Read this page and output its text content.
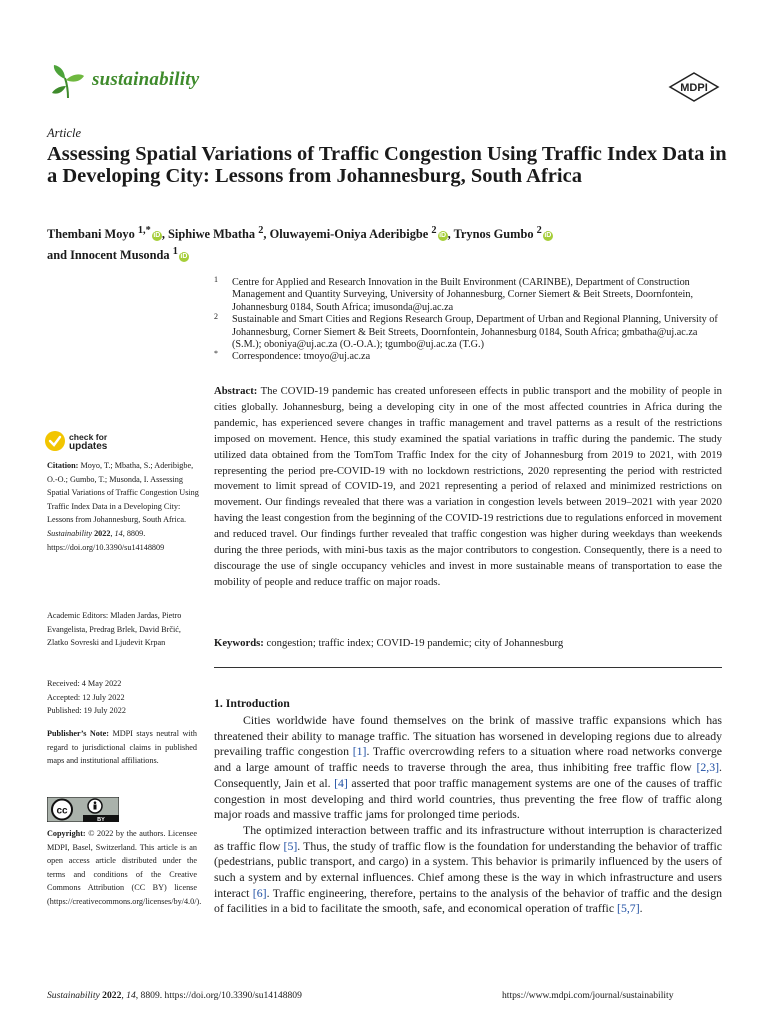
sustainability	MDPI
Article
Assessing Spatial Variations of Traffic Congestion Using Traffic Index Data in a Developing City: Lessons from Johannesburg, South Africa
Thembani Moyo $^{1,*}$ iD , Siphiwe Mbatha $^2$, Oluwayemi-Oniya Aderibigbe $^2$ iD , Trynos Gumbo $^2$ iD
and Innocent Musonda $^1$ iD
1 Centre for Applied and Research Innovation in the Built Environment (CARINBE), Department of Construction Management and Quantity Surveying, University of Johannesburg, Corner Siemert & Beit Streets, Doornfontein, Johannesburg 0184, South Africa; imusonda@uj.ac.za
2 Sustainable and Smart Cities and Regions Research Group, Department of Urban and Regional Planning, University of Johannesburg, Corner Siemert & Beit Streets, Doornfontein, Johannesburg 0184, South Africa; gmbatha@uj.ac.za (S.M.); oboniya@uj.ac.za (O.-O.A.); tgumbo@uj.ac.za (T.G.)
* Correspondence: tmoyo@uj.ac.za
Abstract: The COVID-19 pandemic has created unforeseen effects in public transport and the mobility of people in cities globally. Johannesburg, being a developing city in one of the most affected countries in Africa during the pandemic, has experienced severe changes in traffic management and travel patterns as a result of the restrictions imposed on movement. Hence, this study examined the spatial variations in traffic during the pandemic. The study utilized data obtained from the TomTom Traffic Index for the city of Johannesburg from 2019 to 2021, with 2019 representing the period pre-COVID-19 with no lockdown restrictions, 2020 representing the period with restricted movement to limit spread of COVID-19, and 2021 representing a period of relaxed and minimized restrictions on movement. Our findings revealed that there was a variation in congestion levels between 2019–2021 with year 2020 having the least congestion from the beginning of the COVID-19 restrictions due to regulations enforced in movement and reduced travel. Our findings further revealed that traffic congestion was higher during weekdays than weekends during the three periods, with mini-bus taxis as the major contributors to congestion. Consequently, there is a need to discourage the use of single occupancy vehicles and invest in more sustainable means of transportation to ease the mobility of people and reduce traffic on major roads.
Keywords: congestion; traffic index; COVID-19 pandemic; city of Johannesburg
1. Introduction

Cities worldwide have found themselves on the brink of massive traffic expansions which has threatened their ability to manage traffic. The situation has worsened in developing regions due to already prevailing traffic congestion [1]. Traffic overcrowding refers to a situation where road networks converge and a large amount of traffic needs to traverse through the area, thus inhibiting free traffic flow [2,3]. Consequently, Jain et al. [4] asserted that poor traffic management systems are one of the causes of traffic congestion in most developing and third world countries, thus preventing the free flow of traffic along major roads and massive traffic jams for prolonged time periods.

The optimized interaction between traffic and its infrastructure without interruption is characterized as traffic flow [5]. Thus, the study of traffic flow is the foundation for understanding the behavior of traffic (pedestrians, public transport, and cargo) in a system. This behavior is primarily influenced by the users of such a system and by external influences. Chief among these is the way in which infrastructure and users interact [6]. Traffic engineering, therefore, pertains to the analysis of the behavior of traffic and the design of facilities in a bid to facilitate the smooth, safe, and economical operation of traffic [5,7].

check for
updates
Citation: Moyo, T.; Mbatha, S.; Aderibigbe, O.-O.; Gumbo, T.; Musonda, I. Assessing Spatial Variations of Traffic Congestion Using Traffic Index Data in a Developing City: Lessons from Johannesburg, South Africa. Sustainability 2022, 14, 8809.
https://doi.org/10.3390/su14148809
Academic Editors: Mladen Jardas, Pietro Evangelista, Predrag Brlek, David Brčić, Zlatko Sovreski and Ljudevit Krpan
Received: 4 May 2022
Accepted: 12 July 2022
Published: 19 July 2022
Publisher’s Note: MDPI stays neutral with regard to jurisdictional claims in published maps and institutional affiliations.
cc
BY
Copyright: © 2022 by the authors. Licensee MDPI, Basel, Switzerland. This article is an open access article distributed under the terms and conditions of the Creative Commons Attribution (CC BY) license (https://creativecommons.org/licenses/by/4.0/).
Sustainability 2022, 14, 8809. https://doi.org/10.3390/su14148809	https://www.mdpi.com/journal/sustainability
